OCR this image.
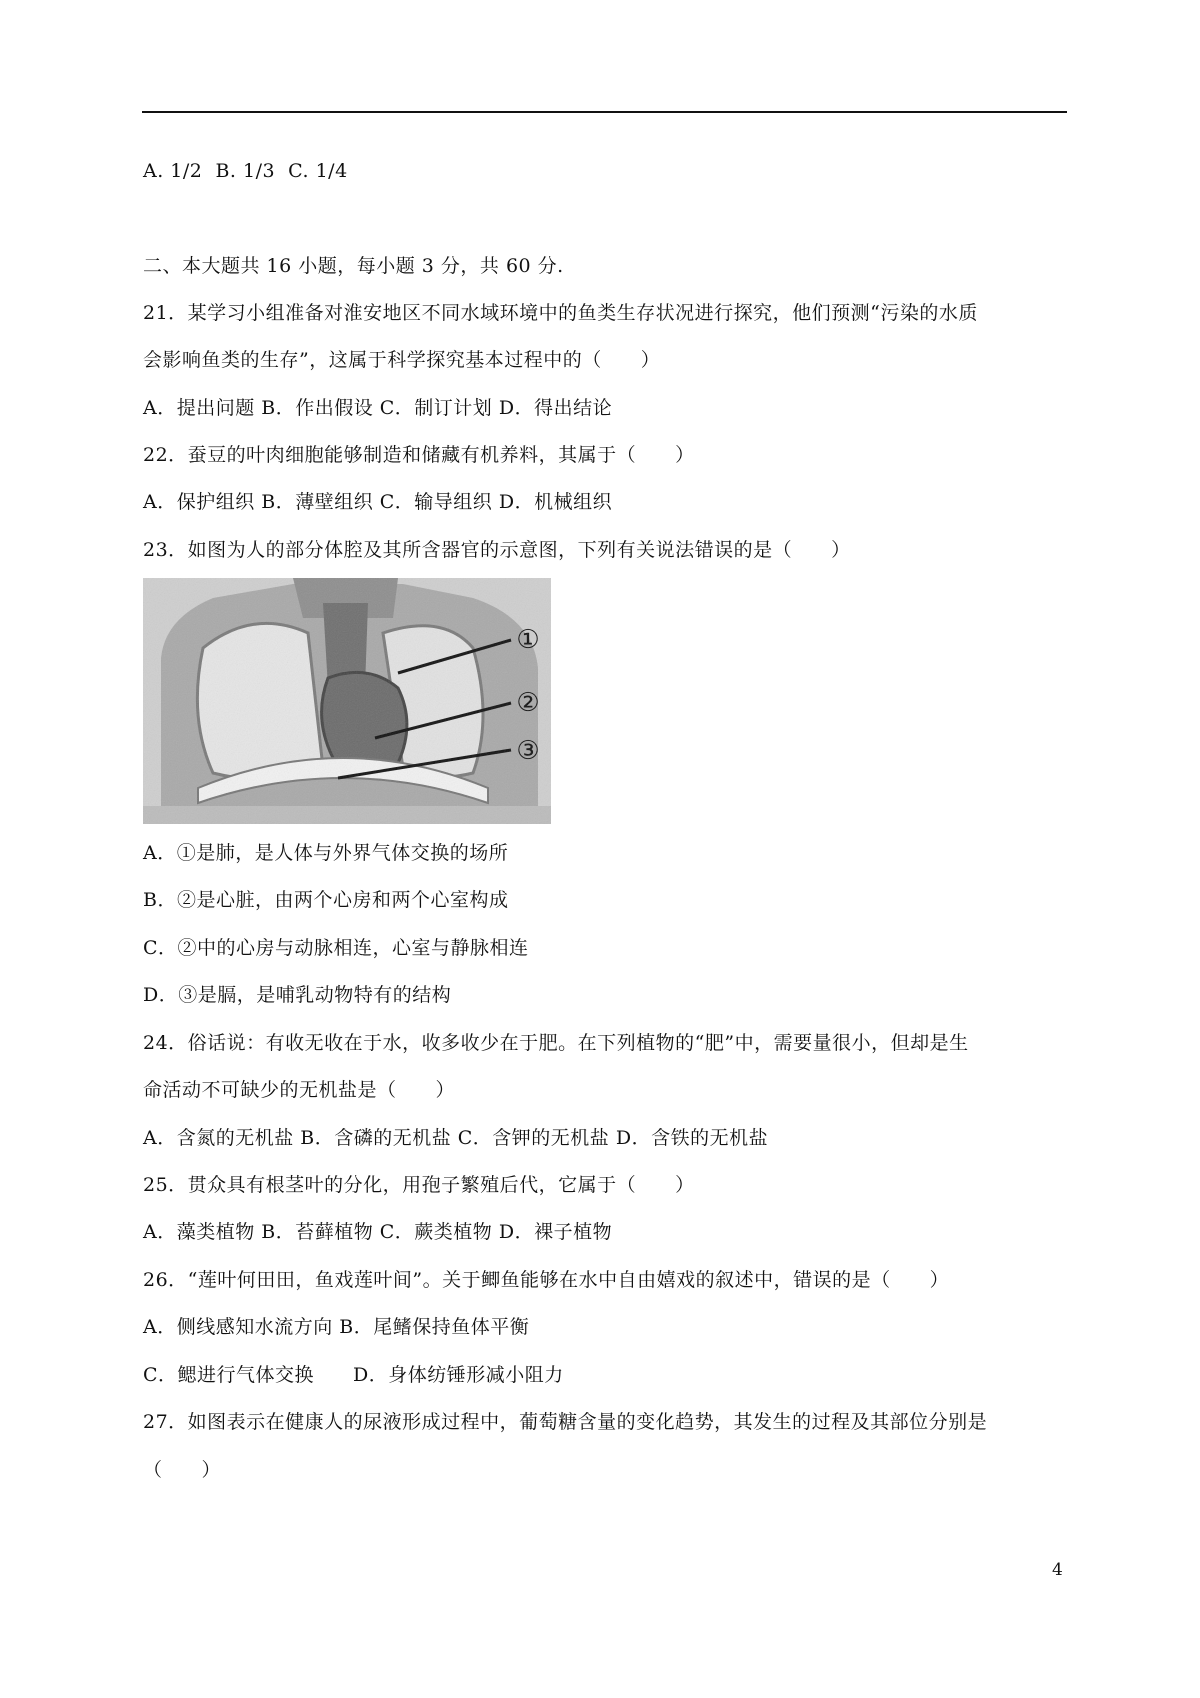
A. 1/2  B. 1/3  C. 1/4
二、本大题共 16 小题，每小题 3 分，共 60 分.
21．某学习小组准备对淮安地区不同水域环境中的鱼类生存状况进行探究，他们预测“污染的水质
会影响鱼类的生存”，这属于科学探究基本过程中的（　　）
A．提出问题 B．作出假设 C．制订计划 D．得出结论
22．蚕豆的叶肉细胞能够制造和储藏有机养料，其属于（　　）
A．保护组织 B．薄壁组织 C．输导组织 D．机械组织
23．如图为人的部分体腔及其所含器官的示意图，下列有关说法错误的是（　　）
①
②
③
A．①是肺，是人体与外界气体交换的场所
B．②是心脏，由两个心房和两个心室构成
C．②中的心房与动脉相连，心室与静脉相连
D．③是膈，是哺乳动物特有的结构
24．俗话说：有收无收在于水，收多收少在于肥。在下列植物的“肥”中，需要量很小，但却是生
命活动不可缺少的无机盐是（　　）
A．含氮的无机盐 B．含磷的无机盐 C．含钾的无机盐 D．含铁的无机盐
25．贯众具有根茎叶的分化，用孢子繁殖后代，它属于（　　）
A．藻类植物 B．苔藓植物 C．蕨类植物 D．裸子植物
26．“莲叶何田田，鱼戏莲叶间”。关于鲫鱼能够在水中自由嬉戏的叙述中，错误的是（　　）
A．侧线感知水流方向 B．尾鳍保持鱼体平衡
C．鳃进行气体交换　　D．身体纺锤形减小阻力
27．如图表示在健康人的尿液形成过程中，葡萄糖含量的变化趋势，其发生的过程及其部位分别是
（　　）
4
